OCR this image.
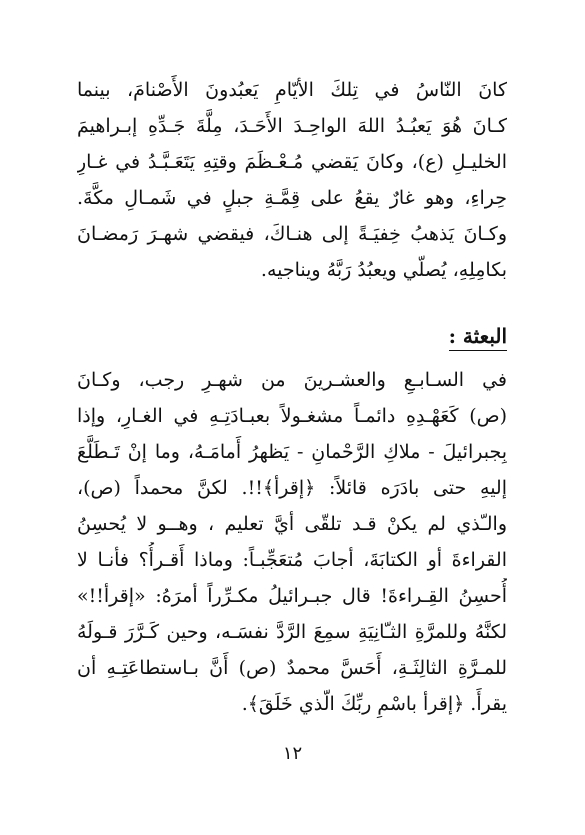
كانَ النّاسُ في تِلكَ الأيّامِ يَعبُدونَ الأَصْنامَ، بينما
كـانَ هُوَ يَعبُـدُ اللهَ الواحِـدَ الأَحَـدَ، مِلَّةَ جَـدِّهِ إبـراهيمَ
الخليـلِ (ع)، وكانَ يَقضي مُـعْـظَمَ وقتِهِ يَتَعَـبَّـدُ في غـارِ
حِراءِ، وهو غارٌ يقعُ على قِمَّـةِ جبلٍ في شَمـالِ مكَّةَ.
وكـانَ يَذهبُ خِفيَـةً إلى هنـاكَ، فيقضي شهـرَ رَمضـانَ
بكامِلِهِ، يُصلّي ويعبُدُ رَبَّهُ ويناجيه.
البعثة :
في السـابـعِ والعشـرينَ من شهـرِ رجب، وكـانَ
(ص) كَعَهْـدِهِ دائمـاً مشغـولاً بعبـادَتِـهِ في الغـارِ، وإذا
بِجبرائيلَ - ملاكِ الرَّحْمانِ - يَظهرُ أَمامَـهُ، وما إنْ تَـطَلَّعَ
إليهِ حتى بادَرَه قائلاً: ﴿إقرأ﴾!!. لكنَّ محمداً (ص)،
والـّذي لم يكنْ قـد تلقّى أيَّ تعليم ، وهــو لا يُحسِنُ
القراءةَ أو الكتابَةَ، أجابَ مُتعَجِّبـاً: وماذا أَقـرأُ؟ فأنـا لا
أُحسِنُ القِـراءةَ! قال جبـرائيلُ مكـرِّراً أمرَهُ: «إقرأ!!»
لكنَّهُ وللمرَّةِ الثـّانِيَةِ سمِعَ الرَّدَّ نفسَـه، وحين كَـرَّرَ قـولَهُ
للمـرَّةِ الثالِثَـةِ، أَحَسَّ محمدٌ (ص) أَنَّ بـاستطاعَتِـهِ أن
يقرأَ. ﴿إقرأ باسْمِ ربِّكَ الّذي خَلَقَ﴾.
١٢
